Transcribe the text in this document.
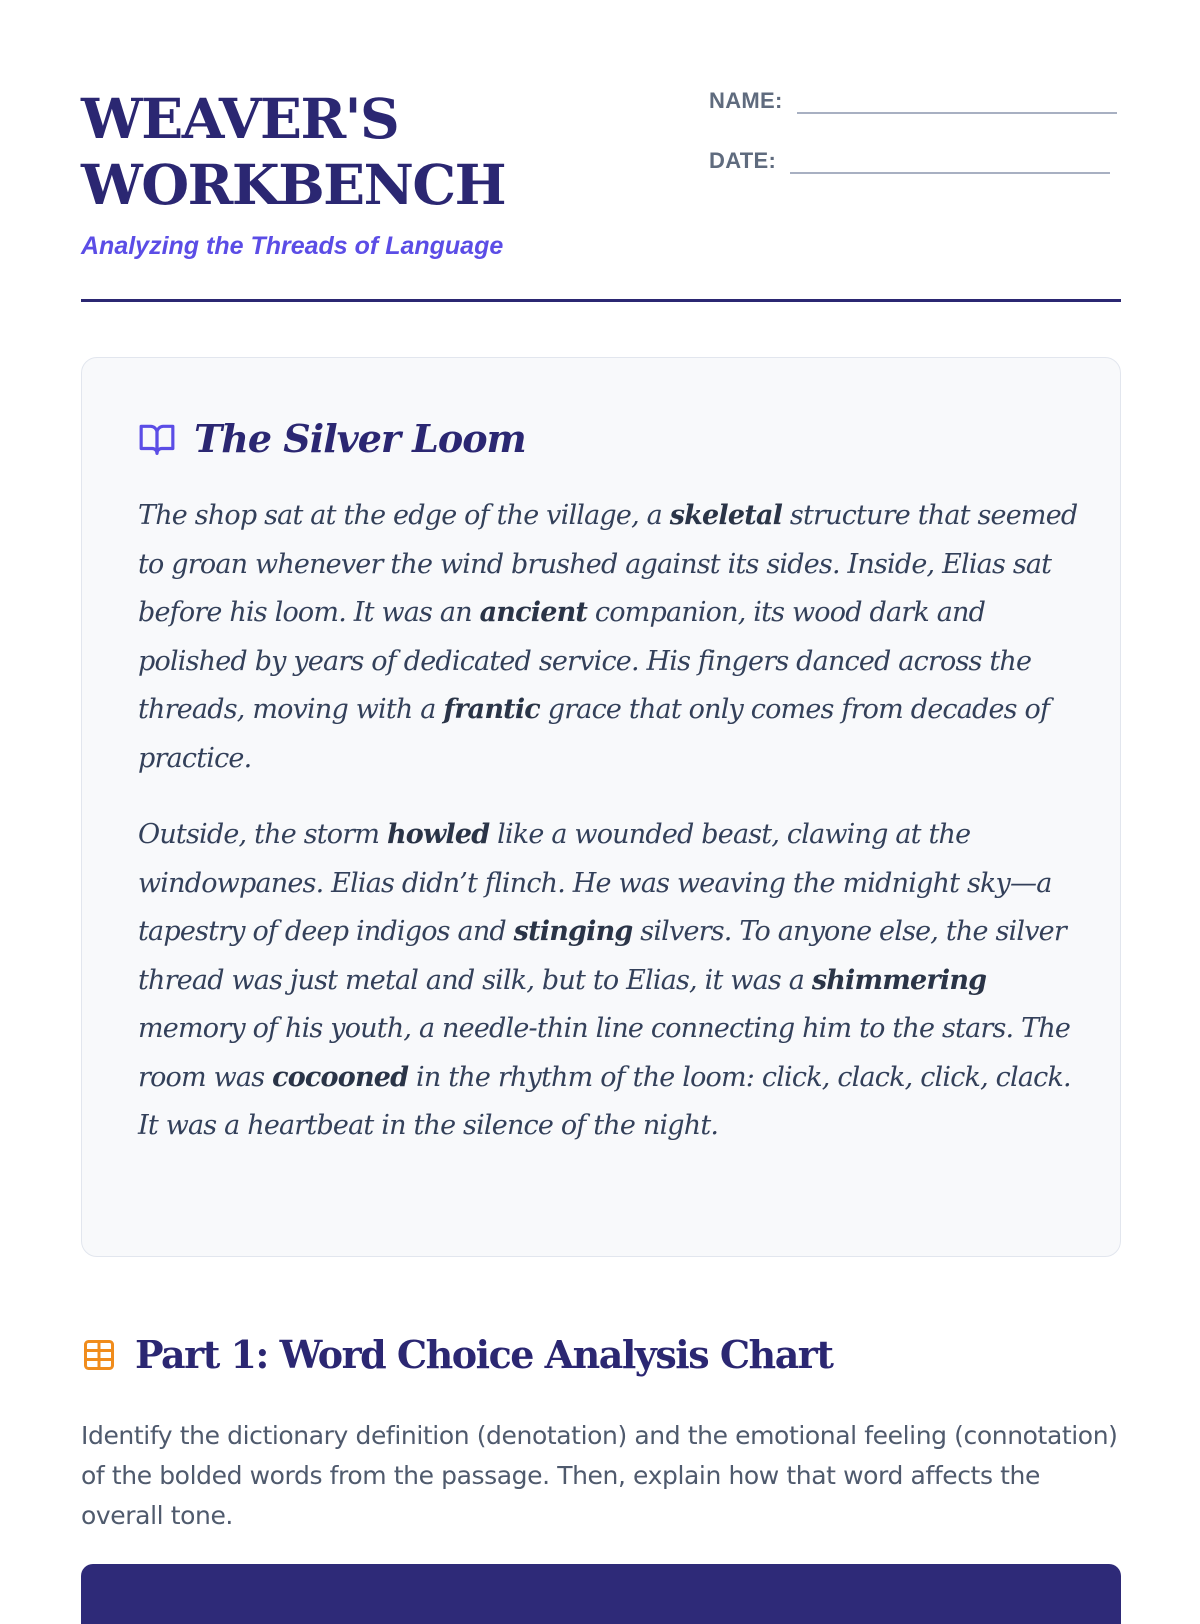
WEAVER'S
WORKBENCH
Analyzing the Threads of Language
NAME:
DATE:
The Silver Loom

The shop sat at the edge of the village, a skeletal structure that seemed to groan whenever the wind brushed against its sides. Inside, Elias sat before his loom. It was an ancient companion, its wood dark and polished by years of dedicated service. His fingers danced across the threads, moving with a frantic grace that only comes from decades of practice.

Outside, the storm howled like a wounded beast, clawing at the windowpanes. Elias didn’t flinch. He was weaving the midnight sky—a tapestry of deep indigos and stinging silvers. To anyone else, the silver thread was just metal and silk, but to Elias, it was a shimmering memory of his youth, a needle-thin line connecting him to the stars. The room was cocooned in the rhythm of the loom: click, clack, click, clack. It was a heartbeat in the silence of the night.

Part 1: Word Choice Analysis Chart

Identify the dictionary definition (denotation) and the emotional feeling (connotation) of the bolded words from the passage. Then, explain how that word affects the overall tone.
